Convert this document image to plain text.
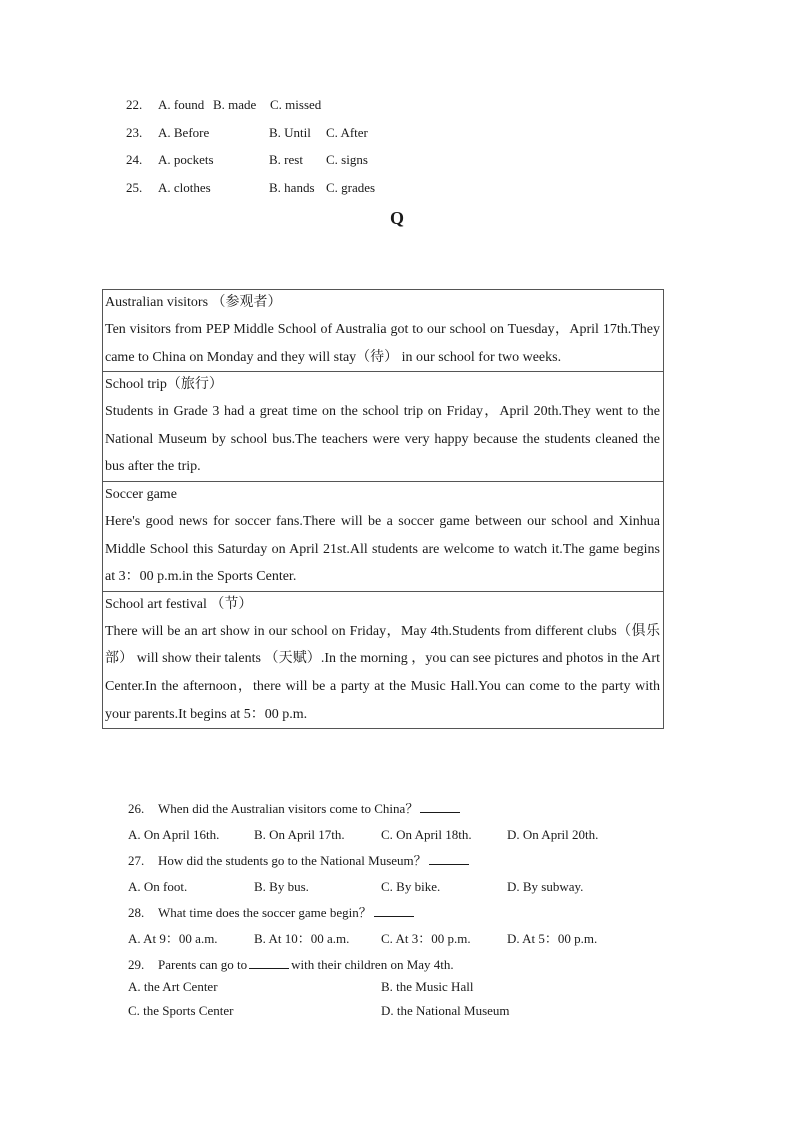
22. A. found B. made C. missed
23. A. Before	B. Until C. After
24. A. pockets	B. rest C. signs
25. A. clothes	B. hands C. grades
Q
Australian visitors （参观者）
Ten visitors from PEP Middle School of Australia got to our school on Tuesday，April 17th.They came to China on Monday and they will stay（待） in our school for two weeks.
School trip（旅行）
Students in Grade 3 had a great time on the school trip on Friday，April 20th.They went to the National Museum by school bus.The teachers were very happy because the students cleaned the bus after the trip.
Soccer game
Here's good news for soccer fans.There will be a soccer game between our school and Xinhua Middle School this Saturday on April 21st.All students are welcome to watch it.The game begins at 3：00 p.m.in the Sports Center.
School art festival （节）
There will be an art show in our school on Friday，May 4th.Students from different clubs（俱乐部） will show their talents （天赋）.In the morning ，you can see pictures and photos in the Art Center.In the afternoon，there will be a party at the Music Hall.You can come to the party with your parents.It begins at 5：00 p.m.
26. When did the Australian visitors come to China？
A. On April 16th.	B. On April 17th.	C. On April 18th.	D. On April 20th.
27. How did the students go to the National Museum？
A. On foot.	B. By bus.	C. By bike.	D. By subway.
28. What time does the soccer game begin？
A. At 9：00 a.m.	B. At 10：00 a.m. C. At 3：00 p.m.	D. At 5：00 p.m.
29. Parents can go to	with their children on May 4th.
A. the Art Center	B. the Music Hall
C. the Sports Center	D. the National Museum
